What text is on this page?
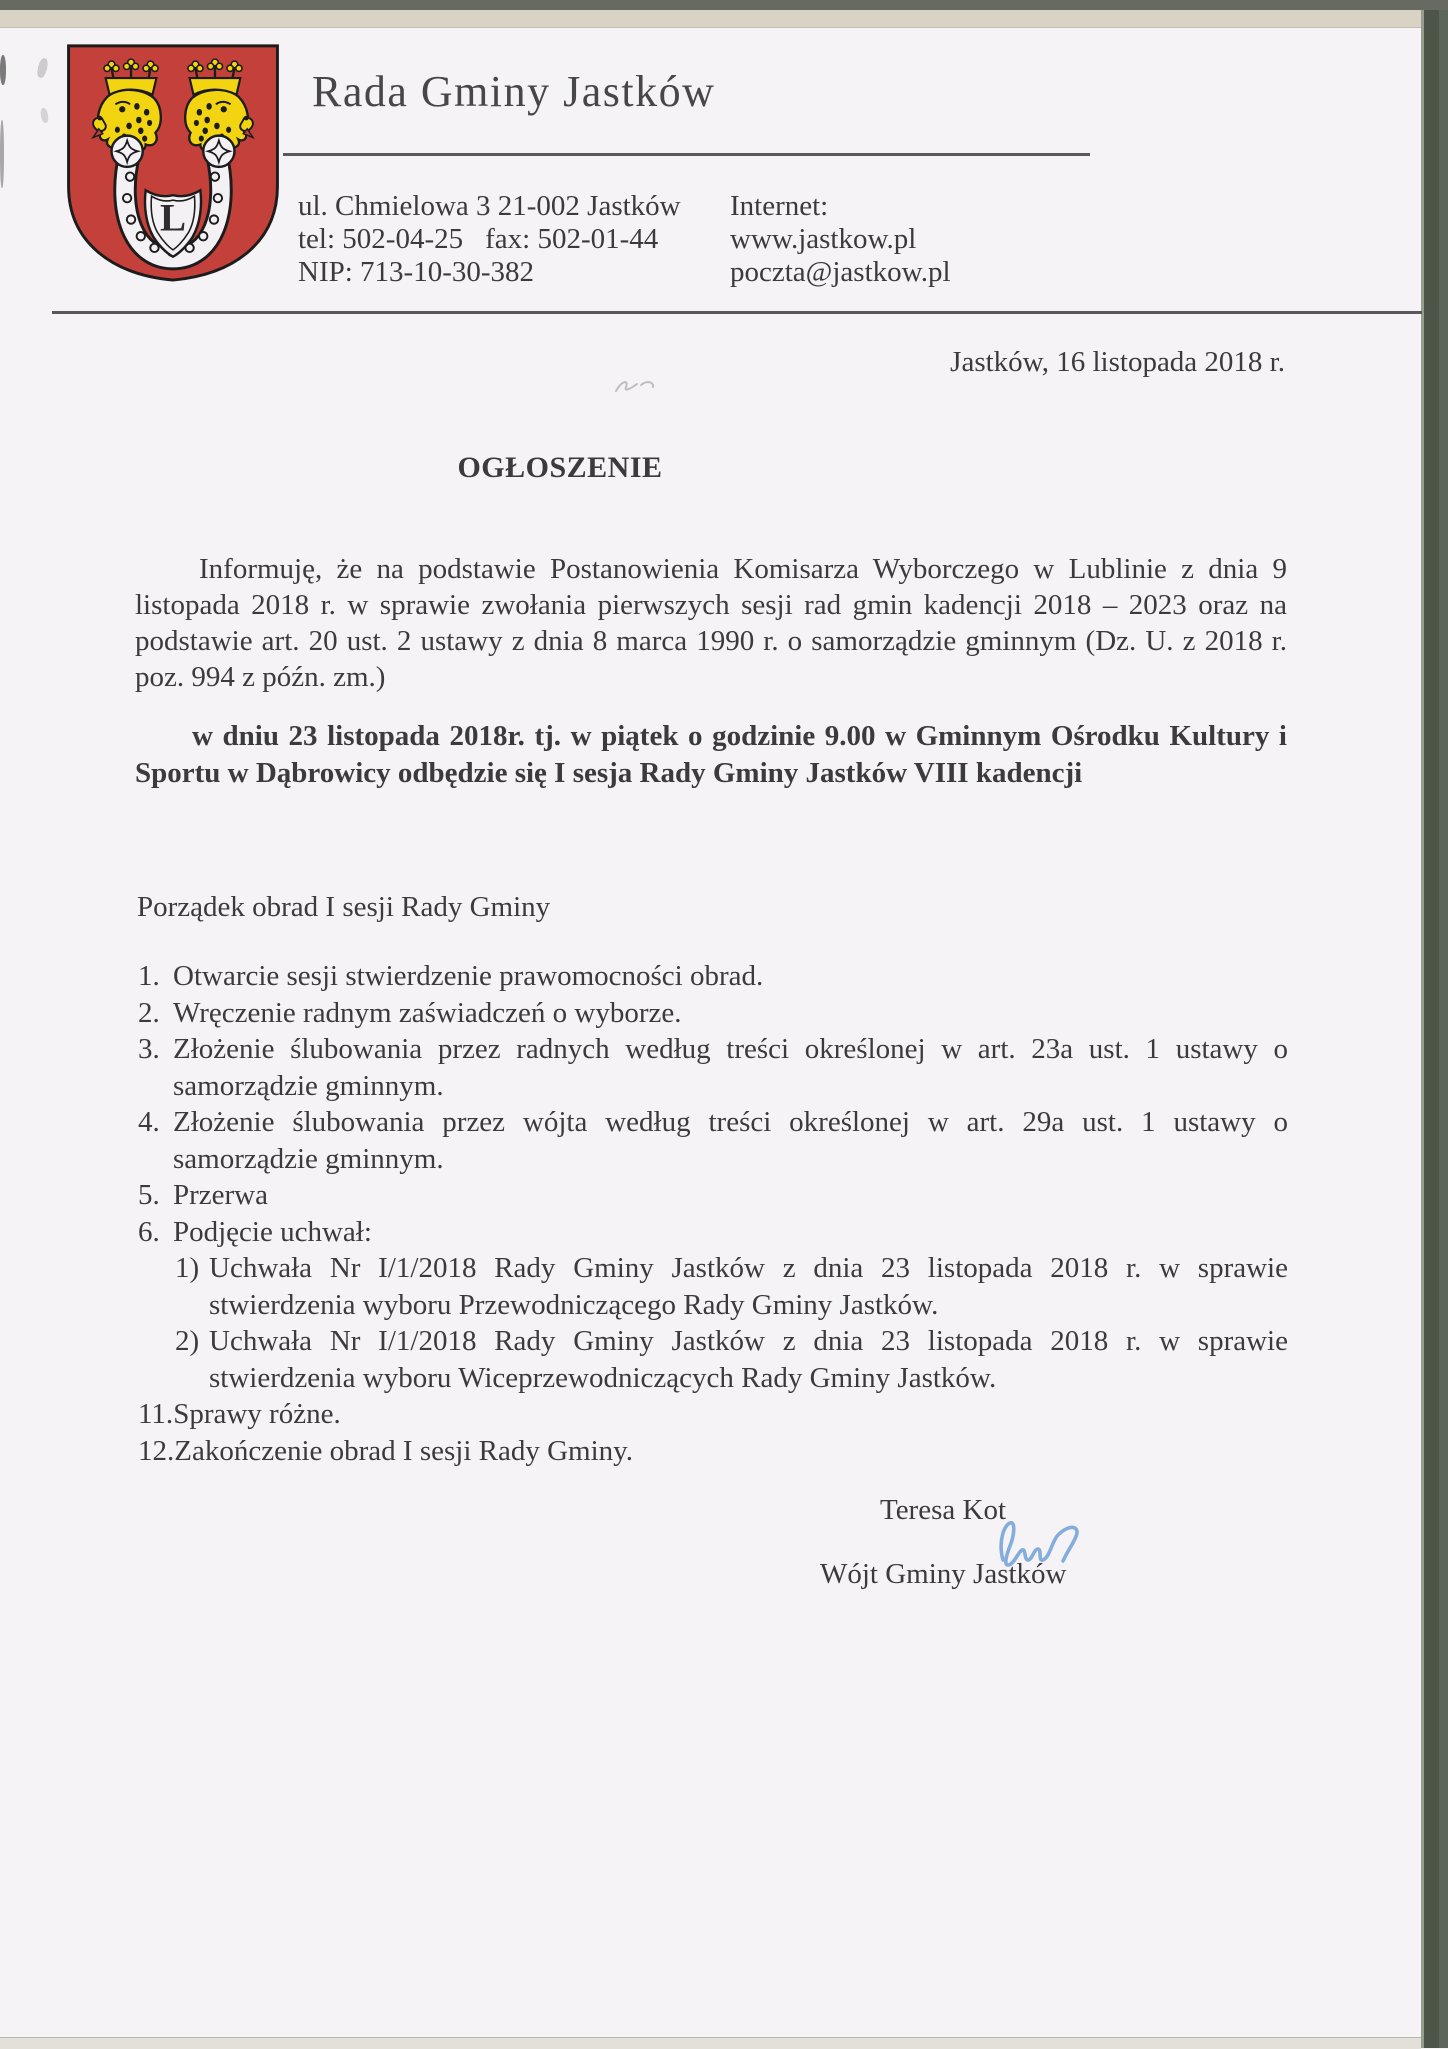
L
Rada Gminy Jastków
ul. Chmielowa 3 21-002 Jastków
tel: 502-04-25 fax: 502-01-44
NIP: 713-10-30-382
Internet:
www.jastkow.pl
poczta@jastkow.pl
Jastków, 16 listopada 2018 r.
OGŁOSZENIE
Informuję, że na podstawie Postanowienia Komisarza Wyborczego w Lublinie z dnia 9 listopada 2018 r. w sprawie zwołania pierwszych sesji rad gmin kadencji 2018 – 2023 oraz na podstawie art. 20 ust. 2 ustawy z dnia 8 marca 1990 r. o samorządzie gminnym (Dz. U. z 2018 r. poz. 994 z późn. zm.)
w dniu 23 listopada 2018r. tj. w piątek o godzinie 9.00 w Gminnym Ośrodku Kultury i Sportu w Dąbrowicy odbędzie się I sesja Rady Gminy Jastków VIII kadencji
Porządek obrad I sesji Rady Gminy
1. Otwarcie sesji stwierdzenie prawomocności obrad.
2. Wręczenie radnym zaświadczeń o wyborze.
3. Złożenie ślubowania przez radnych według treści określonej w art. 23a ust. 1 ustawy o samorządzie gminnym.
4. Złożenie ślubowania przez wójta według treści określonej w art. 29a ust. 1 ustawy o samorządzie gminnym.
5. Przerwa
6. Podjęcie uchwał:
1) Uchwała Nr I/1/2018 Rady Gminy Jastków z dnia 23 listopada 2018 r. w sprawie stwierdzenia wyboru Przewodniczącego Rady Gminy Jastków.
2) Uchwała Nr I/1/2018 Rady Gminy Jastków z dnia 23 listopada 2018 r. w sprawie stwierdzenia wyboru Wiceprzewodniczących Rady Gminy Jastków.
11. Sprawy różne.
12. Zakończenie obrad I sesji Rady Gminy.
Teresa Kot
Wójt Gminy Jastków
